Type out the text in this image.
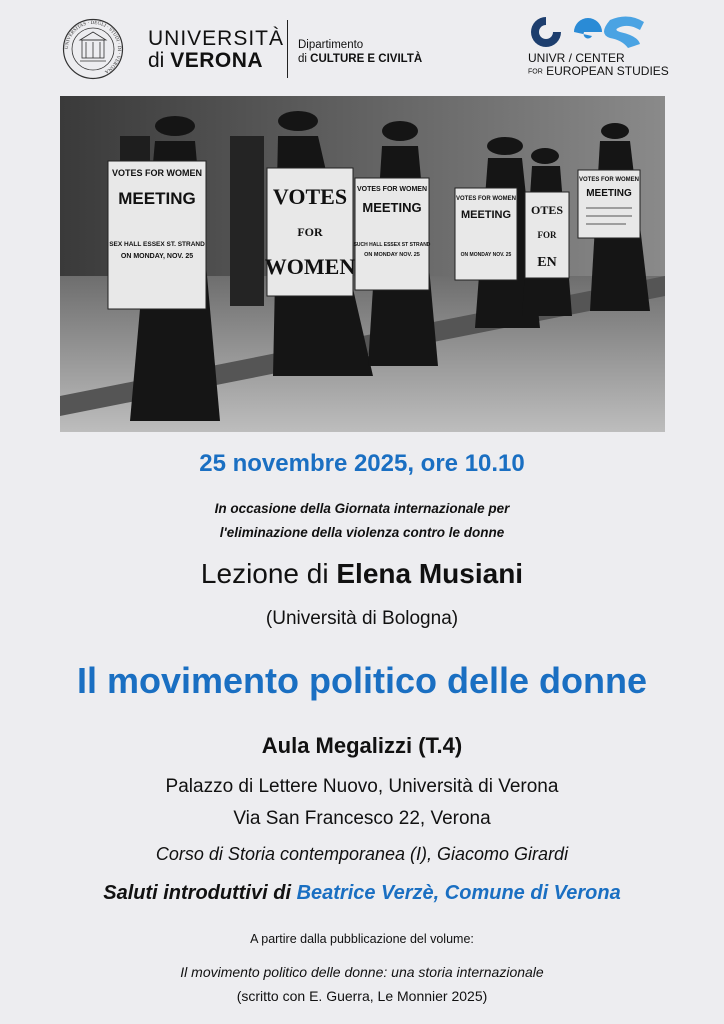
UNIVERSITAS · DEGLI · STUDI · DI · VERONA
UNIVERSITÀ
di VERONA
Dipartimento
di CULTURE E CIVILTÀ	UNIVR / CENTER
FOR EUROPEAN STUDIES
VOTES FOR WOMEN
MEETING
SEX HALL ESSEX ST. STRAND
ON MONDAY, NOV. 25
VOTES
FOR
WOMEN
VOTES FOR WOMEN
MEETING
SUCH HALL ESSEX ST STRAND
ON MONDAY NOV. 25
VOTES FOR WOMEN
MEETING
ON MONDAY NOV. 25
OTES
FOR
EN
VOTES FOR WOMEN
MEETING
25 novembre 2025, ore 10.10
In occasione della Giornata internazionale per
l'eliminazione della violenza contro le donne
Lezione di Elena Musiani
(Università di Bologna)
Il movimento politico delle donne
Aula Megalizzi (T.4)
Palazzo di Lettere Nuovo, Università di Verona
Via San Francesco 22, Verona
Corso di Storia contemporanea (I), Giacomo Girardi
Saluti introduttivi di Beatrice Verzè, Comune di Verona
A partire dalla pubblicazione del volume:
Il movimento politico delle donne: una storia internazionale
(scritto con E. Guerra, Le Monnier 2025)
